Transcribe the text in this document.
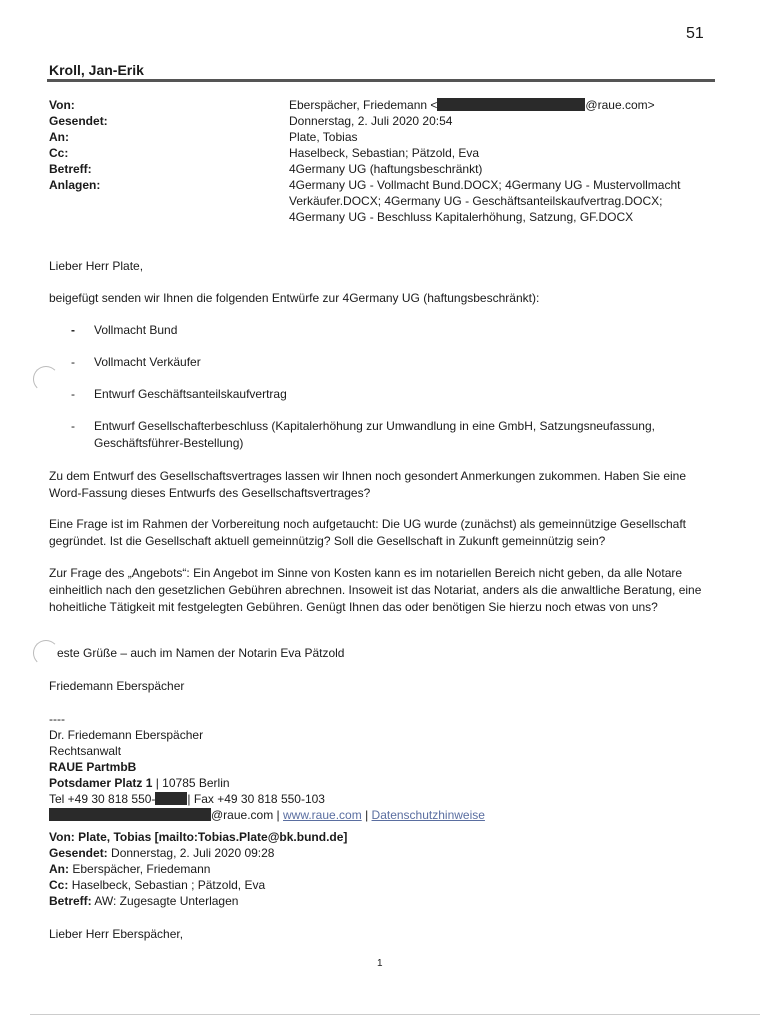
51
Kroll, Jan-Erik
Von:	Eberspächer, Friedemann <	@raue.com>
Gesendet:	Donnerstag, 2. Juli 2020 20:54
An:	Plate, Tobias
Cc:	Haselbeck, Sebastian; Pätzold, Eva
Betreff:	4Germany UG (haftungsbeschränkt)
Anlagen:	4Germany UG - Vollmacht Bund.DOCX; 4Germany UG - Mustervollmacht
Verkäufer.DOCX; 4Germany UG - Geschäftsanteilskaufvertrag.DOCX;
4Germany UG - Beschluss Kapitalerhöhung, Satzung, GF.DOCX
Lieber Herr Plate,
beigefügt senden wir Ihnen die folgenden Entwürfe zur 4Germany UG (haftungsbeschränkt):
- Vollmacht Bund
- Vollmacht Verkäufer
- Entwurf Geschäftsanteilskaufvertrag
- Entwurf Gesellschafterbeschluss (Kapitalerhöhung zur Umwandlung in eine GmbH, Satzungsneufassung, Geschäftsführer-Bestellung)
Zu dem Entwurf des Gesellschaftsvertrages lassen wir Ihnen noch gesondert Anmerkungen zukommen. Haben Sie eine Word-Fassung dieses Entwurfs des Gesellschaftsvertrages?
Eine Frage ist im Rahmen der Vorbereitung noch aufgetaucht: Die UG wurde (zunächst) als gemeinnützige Gesellschaft gegründet. Ist die Gesellschaft aktuell gemeinnützig? Soll die Gesellschaft in Zukunft gemeinnützig sein?
Zur Frage des „Angebots“: Ein Angebot im Sinne von Kosten kann es im notariellen Bereich nicht geben, da alle Notare einheitlich nach den gesetzlichen Gebühren abrechnen. Insoweit ist das Notariat, anders als die anwaltliche Beratung, eine hoheitliche Tätigkeit mit festgelegten Gebühren. Genügt Ihnen das oder benötigen Sie hierzu noch etwas von uns?
este Grüße – auch im Namen der Notarin Eva Pätzold
Friedemann Eberspächer
----
Dr. Friedemann Eberspächer
Rechtsanwalt
RAUE PartmbB
Potsdamer Platz 1 | 10785 Berlin
Tel +49 30 818 550-	| Fax +49 30 818 550-103
@raue.com | www.raue.com | Datenschutzhinweise
Von: Plate, Tobias [mailto:Tobias.Plate@bk.bund.de]
Gesendet: Donnerstag, 2. Juli 2020 09:28
An: Eberspächer, Friedemann
Cc: Haselbeck, Sebastian ; Pätzold, Eva
Betreff: AW: Zugesagte Unterlagen
Lieber Herr Eberspächer,
1
